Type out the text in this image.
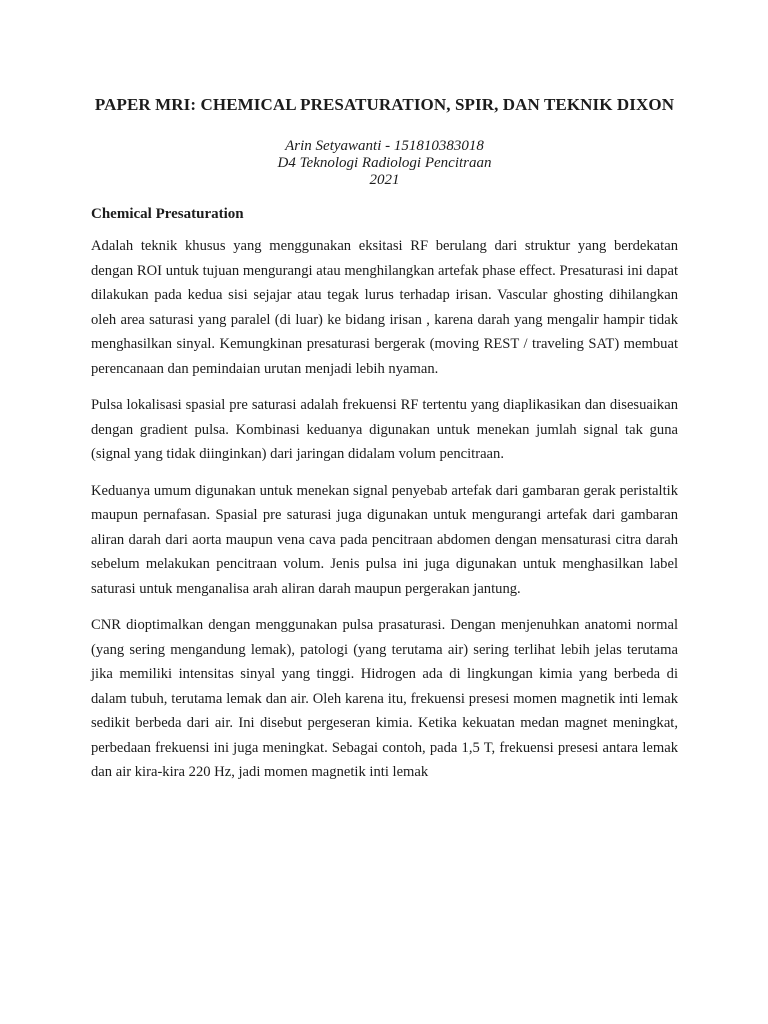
PAPER MRI: CHEMICAL PRESATURATION, SPIR, DAN TEKNIK DIXON
Arin Setyawanti - 151810383018
D4 Teknologi Radiologi Pencitraan
2021
Chemical Presaturation

Adalah teknik khusus yang menggunakan eksitasi RF berulang dari struktur yang berdekatan dengan ROI untuk tujuan mengurangi atau menghilangkan artefak phase effect. Presaturasi ini dapat dilakukan pada kedua sisi sejajar atau tegak lurus terhadap irisan. Vascular ghosting dihilangkan oleh area saturasi yang paralel (di luar) ke bidang irisan , karena darah yang mengalir hampir tidak menghasilkan sinyal. Kemungkinan presaturasi bergerak (moving REST / traveling SAT) membuat perencanaan dan pemindaian urutan menjadi lebih nyaman.

Pulsa lokalisasi spasial pre saturasi adalah frekuensi RF tertentu yang diaplikasikan dan disesuaikan dengan gradient pulsa. Kombinasi keduanya digunakan untuk menekan jumlah signal tak guna (signal yang tidak diinginkan) dari jaringan didalam volum pencitraan.

Keduanya umum digunakan untuk menekan signal penyebab artefak dari gambaran gerak peristaltik maupun pernafasan. Spasial pre saturasi juga digunakan untuk mengurangi artefak dari gambaran aliran darah dari aorta maupun vena cava pada pencitraan abdomen dengan mensaturasi citra darah sebelum melakukan pencitraan volum. Jenis pulsa ini juga digunakan untuk menghasilkan label saturasi untuk menganalisa arah aliran darah maupun pergerakan jantung.

CNR dioptimalkan dengan menggunakan pulsa prasaturasi. Dengan menjenuhkan anatomi normal (yang sering mengandung lemak), patologi (yang terutama air) sering terlihat lebih jelas terutama jika memiliki intensitas sinyal yang tinggi. Hidrogen ada di lingkungan kimia yang berbeda di dalam tubuh, terutama lemak dan air. Oleh karena itu, frekuensi presesi momen magnetik inti lemak sedikit berbeda dari air. Ini disebut pergeseran kimia. Ketika kekuatan medan magnet meningkat, perbedaan frekuensi ini juga meningkat. Sebagai contoh, pada 1,5 T, frekuensi presesi antara lemak dan air kira-kira 220 Hz, jadi momen magnetik inti lemak
